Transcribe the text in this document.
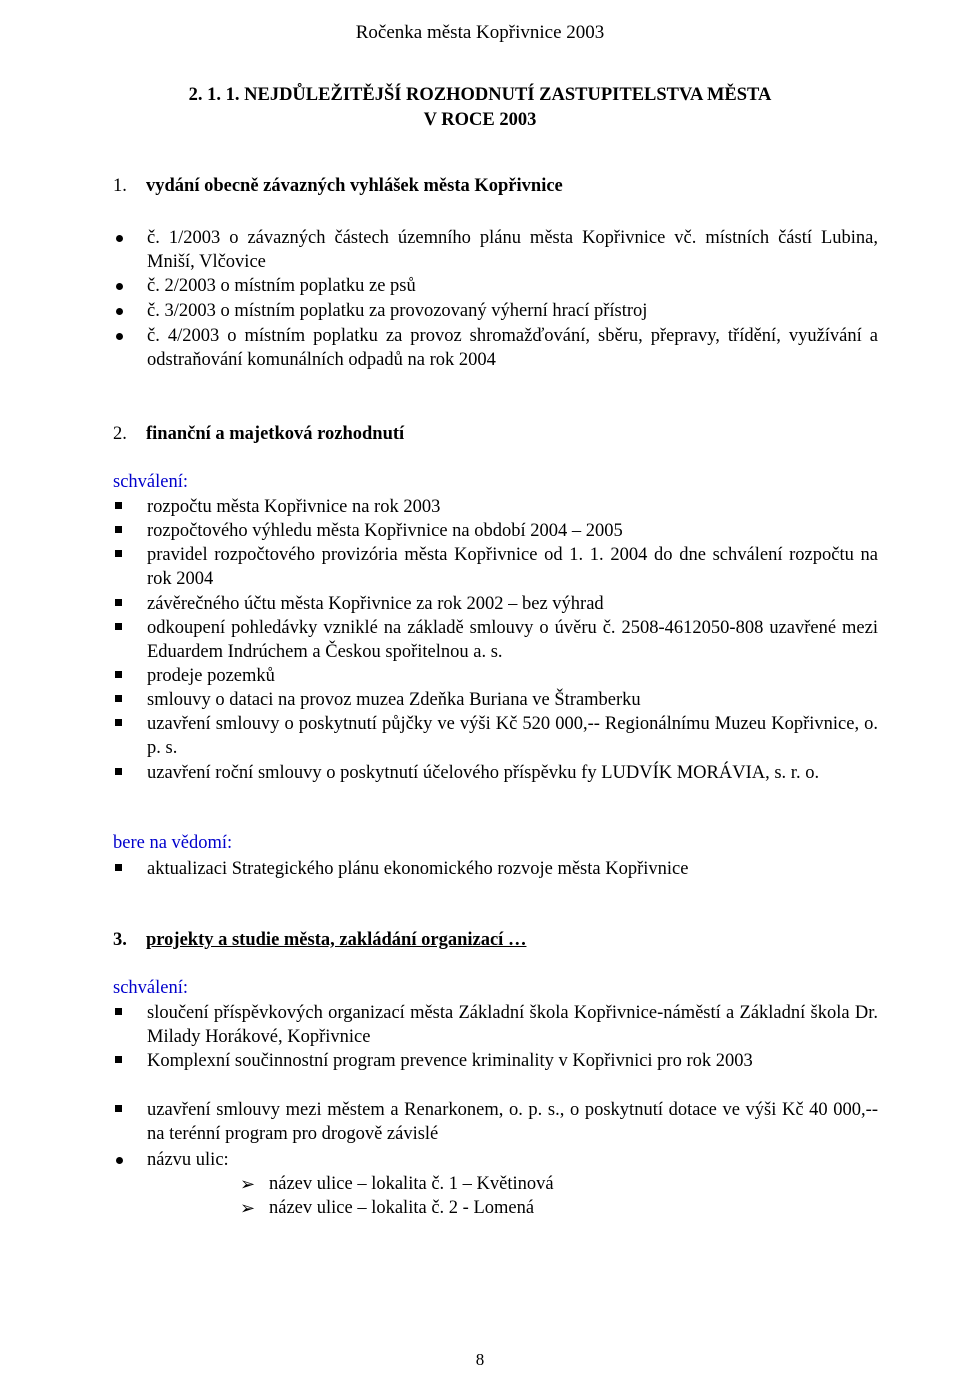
Ročenka města Kopřivnice 2003
2. 1. 1. NEJDŮLEŽITĚJŠÍ ROZHODNUTÍ ZASTUPITELSTVA MĚSTA
V ROCE 2003
1. vydání obecně závazných vyhlášek města Kopřivnice
č. 1/2003 o závazných částech územního plánu města Kopřivnice vč. místních částí Lubina, Mniší, Vlčovice
č. 2/2003 o místním poplatku ze psů
č. 3/2003 o místním poplatku za provozovaný výherní hrací přístroj
č. 4/2003 o místním poplatku za provoz shromažďování, sběru, přepravy, třídění, využívání a odstraňování komunálních odpadů na rok 2004
2. finanční a majetková rozhodnutí
schválení:
rozpočtu města Kopřivnice na rok 2003
rozpočtového výhledu města Kopřivnice na období 2004 – 2005
pravidel rozpočtového provizória města Kopřivnice od 1. 1. 2004 do dne schválení rozpočtu na rok 2004
závěrečného účtu města Kopřivnice za rok 2002 – bez výhrad
odkoupení pohledávky vzniklé na základě smlouvy o úvěru č. 2508-4612050-808 uzavřené mezi Eduardem Indrúchem a Českou spořitelnou a. s.
prodeje pozemků
smlouvy o dataci na provoz muzea Zdeňka Buriana ve Štramberku
uzavření smlouvy o poskytnutí půjčky ve výši Kč 520 000,-- Regionálnímu Muzeu Kopřivnice, o. p. s.
uzavření roční smlouvy o poskytnutí účelového příspěvku fy LUDVÍK MORÁVIA, s. r. o.
bere na vědomí:
aktualizaci Strategického plánu ekonomického rozvoje města Kopřivnice
3. projekty a studie města, zakládání organizací …
schválení:
sloučení příspěvkových organizací města Základní škola Kopřivnice-náměstí a Základní škola Dr. Milady Horákové, Kopřivnice
Komplexní součinnostní program prevence kriminality v Kopřivnici pro rok 2003
uzavření smlouvy mezi městem a Renarkonem, o. p. s., o poskytnutí dotace ve výši Kč 40 000,-- na terénní program pro drogově závislé
názvu ulic:
➢ název ulice – lokalita č. 1 – Květinová
➢ název ulice – lokalita č. 2 - Lomená
8
